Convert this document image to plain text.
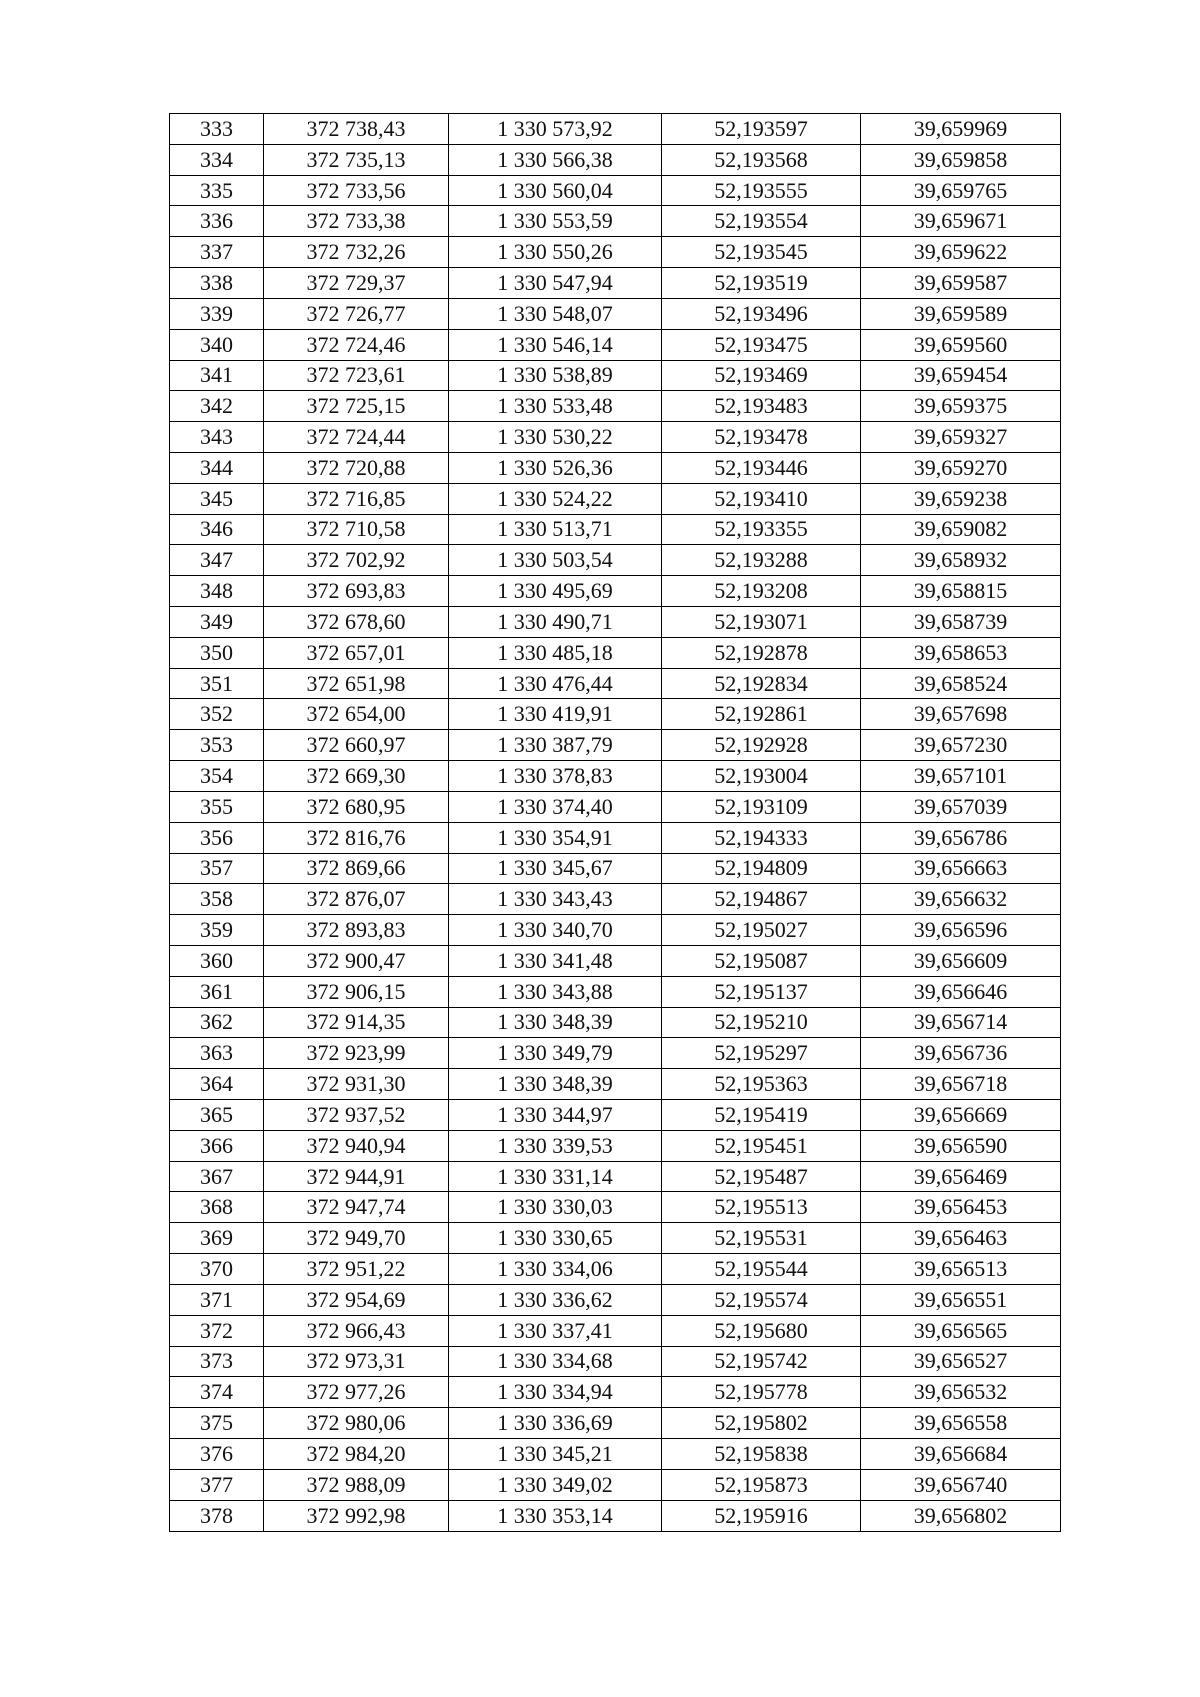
333	372 738,43	1 330 573,92	52,193597	39,659969
334	372 735,13	1 330 566,38	52,193568	39,659858
335	372 733,56	1 330 560,04	52,193555	39,659765
336	372 733,38	1 330 553,59	52,193554	39,659671
337	372 732,26	1 330 550,26	52,193545	39,659622
338	372 729,37	1 330 547,94	52,193519	39,659587
339	372 726,77	1 330 548,07	52,193496	39,659589
340	372 724,46	1 330 546,14	52,193475	39,659560
341	372 723,61	1 330 538,89	52,193469	39,659454
342	372 725,15	1 330 533,48	52,193483	39,659375
343	372 724,44	1 330 530,22	52,193478	39,659327
344	372 720,88	1 330 526,36	52,193446	39,659270
345	372 716,85	1 330 524,22	52,193410	39,659238
346	372 710,58	1 330 513,71	52,193355	39,659082
347	372 702,92	1 330 503,54	52,193288	39,658932
348	372 693,83	1 330 495,69	52,193208	39,658815
349	372 678,60	1 330 490,71	52,193071	39,658739
350	372 657,01	1 330 485,18	52,192878	39,658653
351	372 651,98	1 330 476,44	52,192834	39,658524
352	372 654,00	1 330 419,91	52,192861	39,657698
353	372 660,97	1 330 387,79	52,192928	39,657230
354	372 669,30	1 330 378,83	52,193004	39,657101
355	372 680,95	1 330 374,40	52,193109	39,657039
356	372 816,76	1 330 354,91	52,194333	39,656786
357	372 869,66	1 330 345,67	52,194809	39,656663
358	372 876,07	1 330 343,43	52,194867	39,656632
359	372 893,83	1 330 340,70	52,195027	39,656596
360	372 900,47	1 330 341,48	52,195087	39,656609
361	372 906,15	1 330 343,88	52,195137	39,656646
362	372 914,35	1 330 348,39	52,195210	39,656714
363	372 923,99	1 330 349,79	52,195297	39,656736
364	372 931,30	1 330 348,39	52,195363	39,656718
365	372 937,52	1 330 344,97	52,195419	39,656669
366	372 940,94	1 330 339,53	52,195451	39,656590
367	372 944,91	1 330 331,14	52,195487	39,656469
368	372 947,74	1 330 330,03	52,195513	39,656453
369	372 949,70	1 330 330,65	52,195531	39,656463
370	372 951,22	1 330 334,06	52,195544	39,656513
371	372 954,69	1 330 336,62	52,195574	39,656551
372	372 966,43	1 330 337,41	52,195680	39,656565
373	372 973,31	1 330 334,68	52,195742	39,656527
374	372 977,26	1 330 334,94	52,195778	39,656532
375	372 980,06	1 330 336,69	52,195802	39,656558
376	372 984,20	1 330 345,21	52,195838	39,656684
377	372 988,09	1 330 349,02	52,195873	39,656740
378	372 992,98	1 330 353,14	52,195916	39,656802
